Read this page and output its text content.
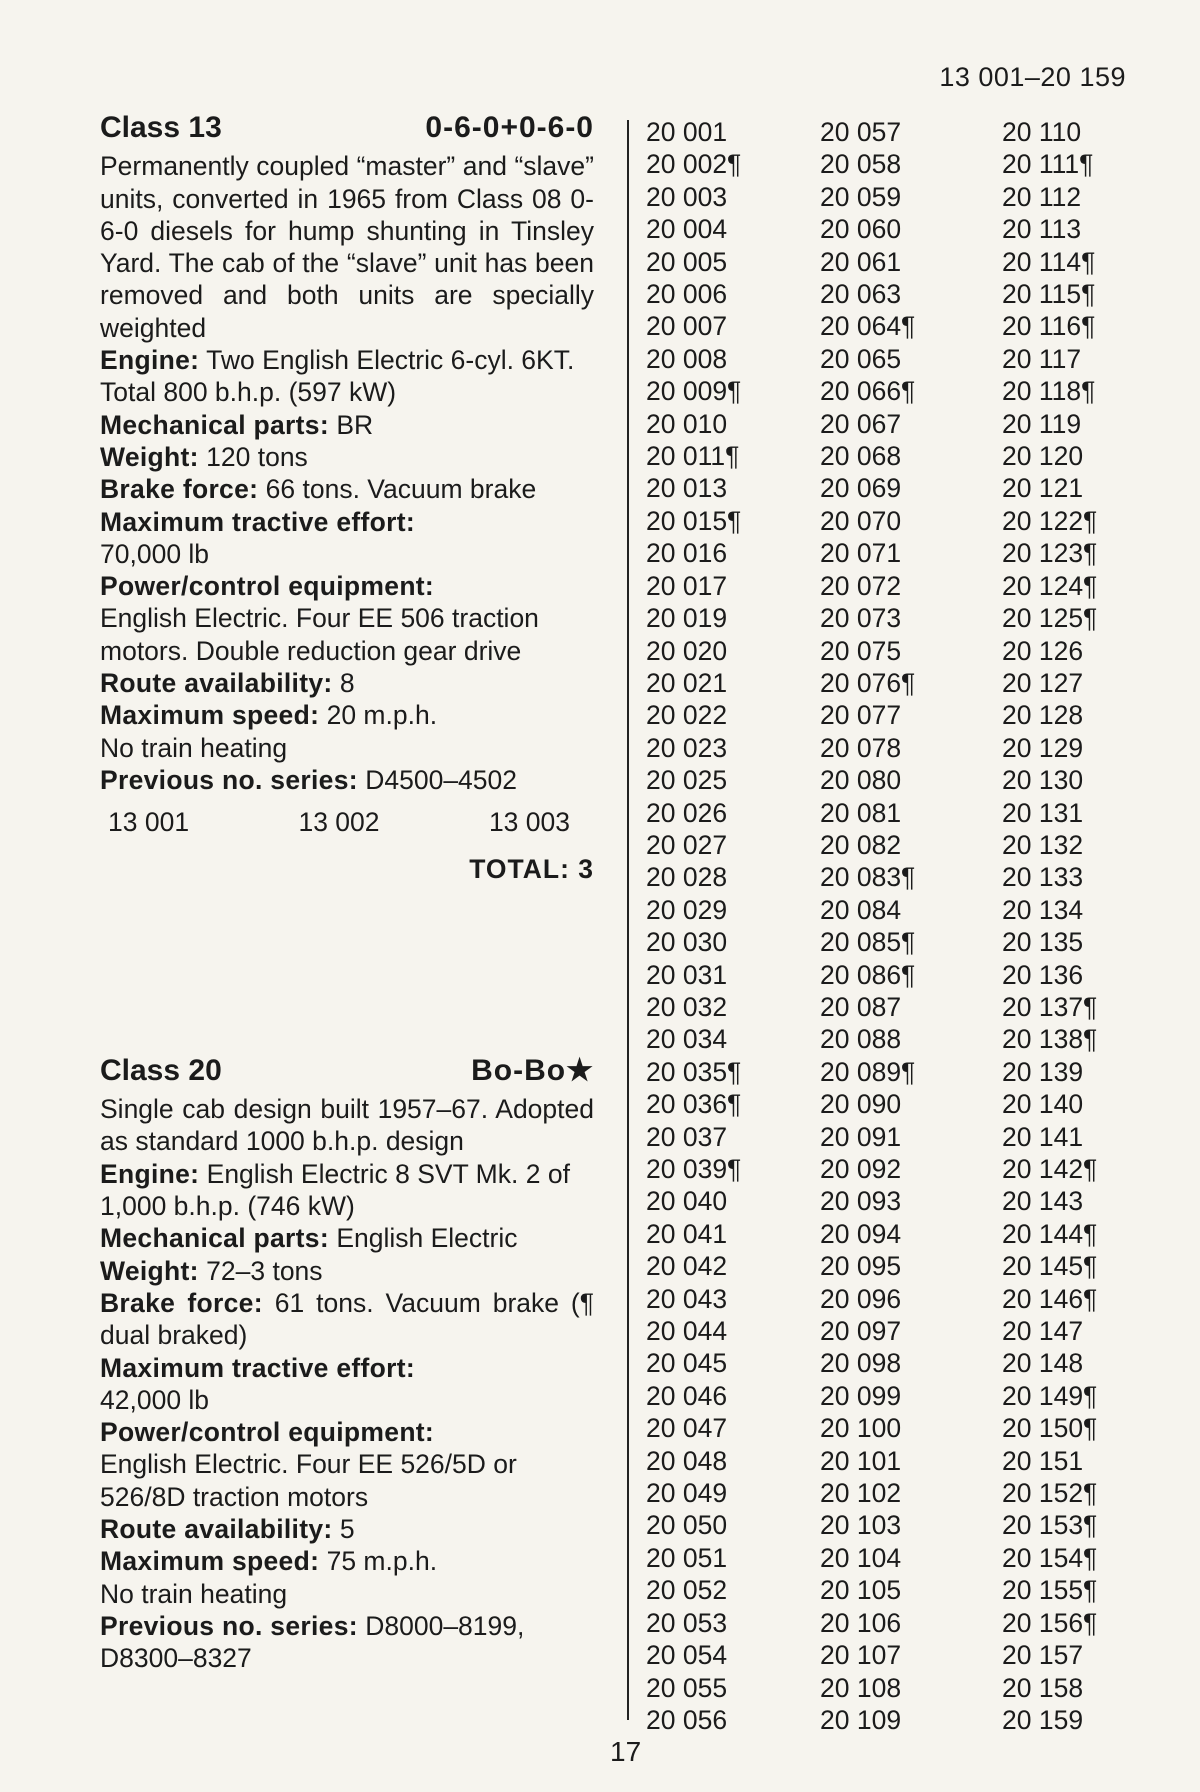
13 001–20 159
Class 13	0-6-0+0-6-0

Permanently coupled “master” and “slave” units, converted in 1965 from Class 08 0-6-0 diesels for hump shunting in Tinsley Yard. The cab of the “slave” unit has been removed and both units are specially weighted

Engine: Two English Electric 6-cyl. 6KT. Total 800 b.h.p. (597 kW)

Mechanical parts: BR

Weight: 120 tons

Brake force: 66 tons. Vacuum brake

Maximum tractive effort:
70,000 lb

Power/control equipment:
English Electric. Four EE 506 traction motors. Double reduction gear drive

Route availability: 8

Maximum speed: 20 m.p.h.

No train heating

Previous no. series: D4500–4502

13 001	13 002	13 003
TOTAL: 3
Class 20	Bo-Bo★

Single cab design built 1957–67. Adopted as standard 1000 b.h.p. design

Engine: English Electric 8 SVT Mk. 2 of 1,000 b.h.p. (746 kW)

Mechanical parts: English Electric

Weight: 72–3 tons

Brake force: 61 tons. Vacuum brake (¶ dual braked)

Maximum tractive effort:
42,000 lb

Power/control equipment:
English Electric. Four EE 526/5D or 526/8D traction motors

Route availability: 5

Maximum speed: 75 m.p.h.

No train heating

Previous no. series: D8000–8199, D8300–8327

20 001
20 002¶
20 003
20 004
20 005
20 006
20 007
20 008
20 009¶
20 010
20 011¶
20 013
20 015¶
20 016
20 017
20 019
20 020
20 021
20 022
20 023
20 025
20 026
20 027
20 028
20 029
20 030
20 031
20 032
20 034
20 035¶
20 036¶
20 037
20 039¶
20 040
20 041
20 042
20 043
20 044
20 045
20 046
20 047
20 048
20 049
20 050
20 051
20 052
20 053
20 054
20 055
20 056
20 057
20 058
20 059
20 060
20 061
20 063
20 064¶
20 065
20 066¶
20 067
20 068
20 069
20 070
20 071
20 072
20 073
20 075
20 076¶
20 077
20 078
20 080
20 081
20 082
20 083¶
20 084
20 085¶
20 086¶
20 087
20 088
20 089¶
20 090
20 091
20 092
20 093
20 094
20 095
20 096
20 097
20 098
20 099
20 100
20 101
20 102
20 103
20 104
20 105
20 106
20 107
20 108
20 109
20 110
20 111¶
20 112
20 113
20 114¶
20 115¶
20 116¶
20 117
20 118¶
20 119
20 120
20 121
20 122¶
20 123¶
20 124¶
20 125¶
20 126
20 127
20 128
20 129
20 130
20 131
20 132
20 133
20 134
20 135
20 136
20 137¶
20 138¶
20 139
20 140
20 141
20 142¶
20 143
20 144¶
20 145¶
20 146¶
20 147
20 148
20 149¶
20 150¶
20 151
20 152¶
20 153¶
20 154¶
20 155¶
20 156¶
20 157
20 158
20 159
17
